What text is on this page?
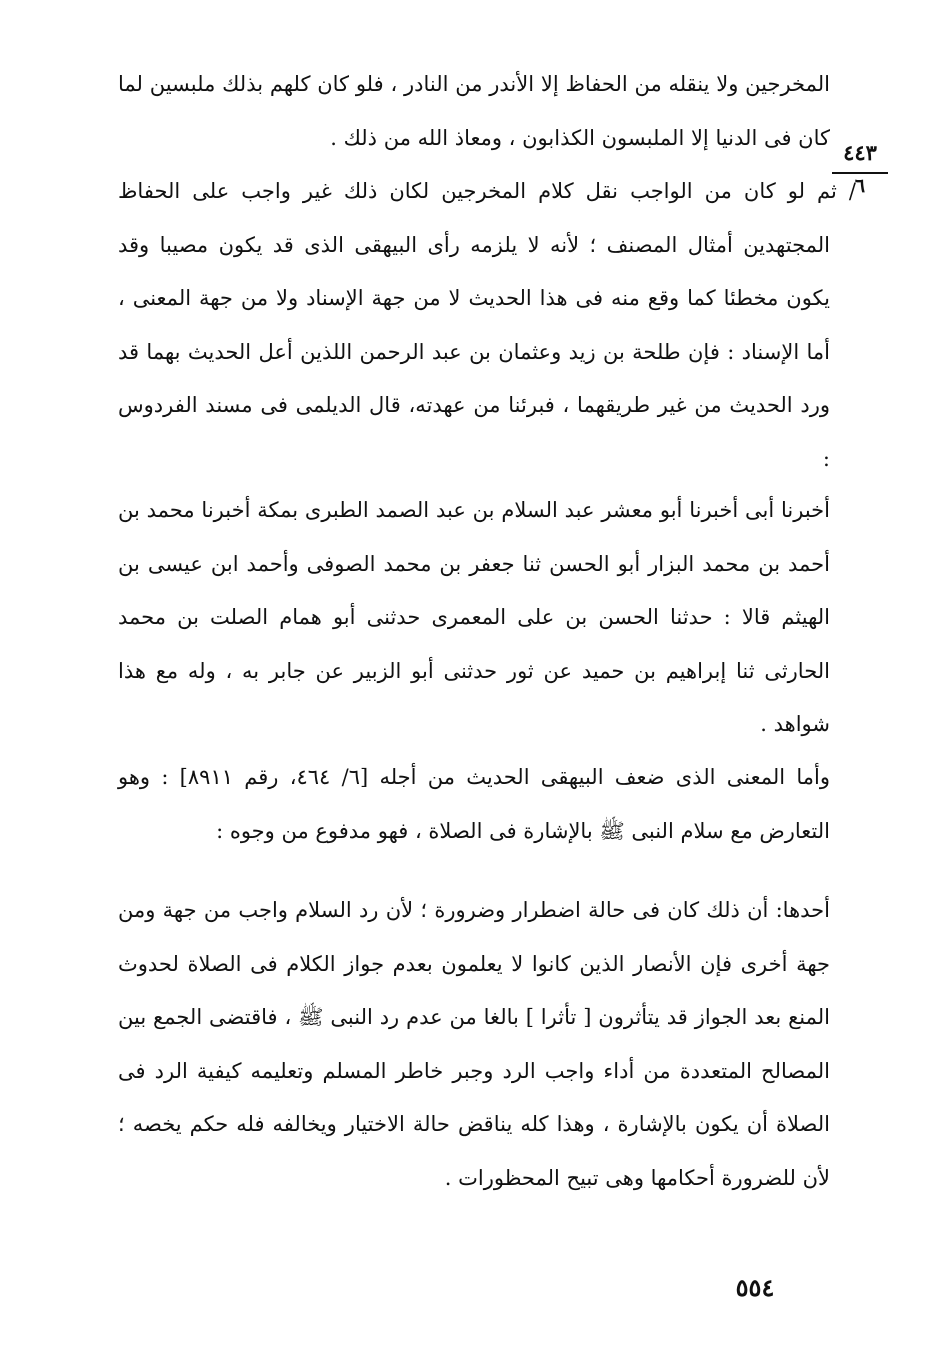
٤٤٣
٦
المخرجين ولا ينقله من الحفاظ إلا الأندر من النادر ، فلو كان كلهم بذلك ملبسين لما كان فى الدنيا إلا الملبسون الكذابون ، ومعاذ الله من ذلك .
/ ثم لو كان من الواجب نقل كلام المخرجين لكان ذلك غير واجب على الحفاظ المجتهدين أمثال المصنف ؛ لأنه لا يلزمه رأى البيهقى الذى قد يكون مصيبا وقد يكون مخطئا كما وقع منه فى هذا الحديث لا من جهة الإسناد ولا من جهة المعنى ، أما الإسناد : فإن طلحة بن زيد وعثمان بن عبد الرحمن اللذين أعل الحديث بهما قد ورد الحديث من غير طريقهما ، فبرئنا من عهدته، قال الديلمى فى مسند الفردوس :
أخبرنا أبى أخبرنا أبو معشر عبد السلام بن عبد الصمد الطبرى بمكة أخبرنا محمد بن أحمد بن محمد البزار أبو الحسن ثنا جعفر بن محمد الصوفى وأحمد ابن عيسى بن الهيثم قالا : حدثنا الحسن بن على المعمرى حدثنى أبو همام الصلت بن محمد الحارثى ثنا إبراهيم بن حميد عن ثور حدثنى أبو الزبير عن جابر به ، وله مع هذا شواهد .
وأما المعنى الذى ضعف البيهقى الحديث من أجله [٦/ ٤٦٤، رقم ٨٩١١] : وهو التعارض مع سلام النبى ﷺ بالإشارة فى الصلاة ، فهو مدفوع من وجوه :
أحدها: أن ذلك كان فى حالة اضطرار وضرورة ؛ لأن رد السلام واجب من جهة ومن جهة أخرى فإن الأنصار الذين كانوا لا يعلمون بعدم جواز الكلام فى الصلاة لحدوث المنع بعد الجواز قد يتأثرون [ تأثرا ] بالغا من عدم رد النبى ﷺ ، فاقتضى الجمع بين المصالح المتعددة من أداء واجب الرد وجبر خاطر المسلم وتعليمه كيفية الرد فى الصلاة أن يكون بالإشارة ، وهذا كله يناقض حالة الاختيار ويخالفه فله حكم يخصه ؛ لأن للضرورة أحكامها وهى تبيح المحظورات .
٥٥٤
